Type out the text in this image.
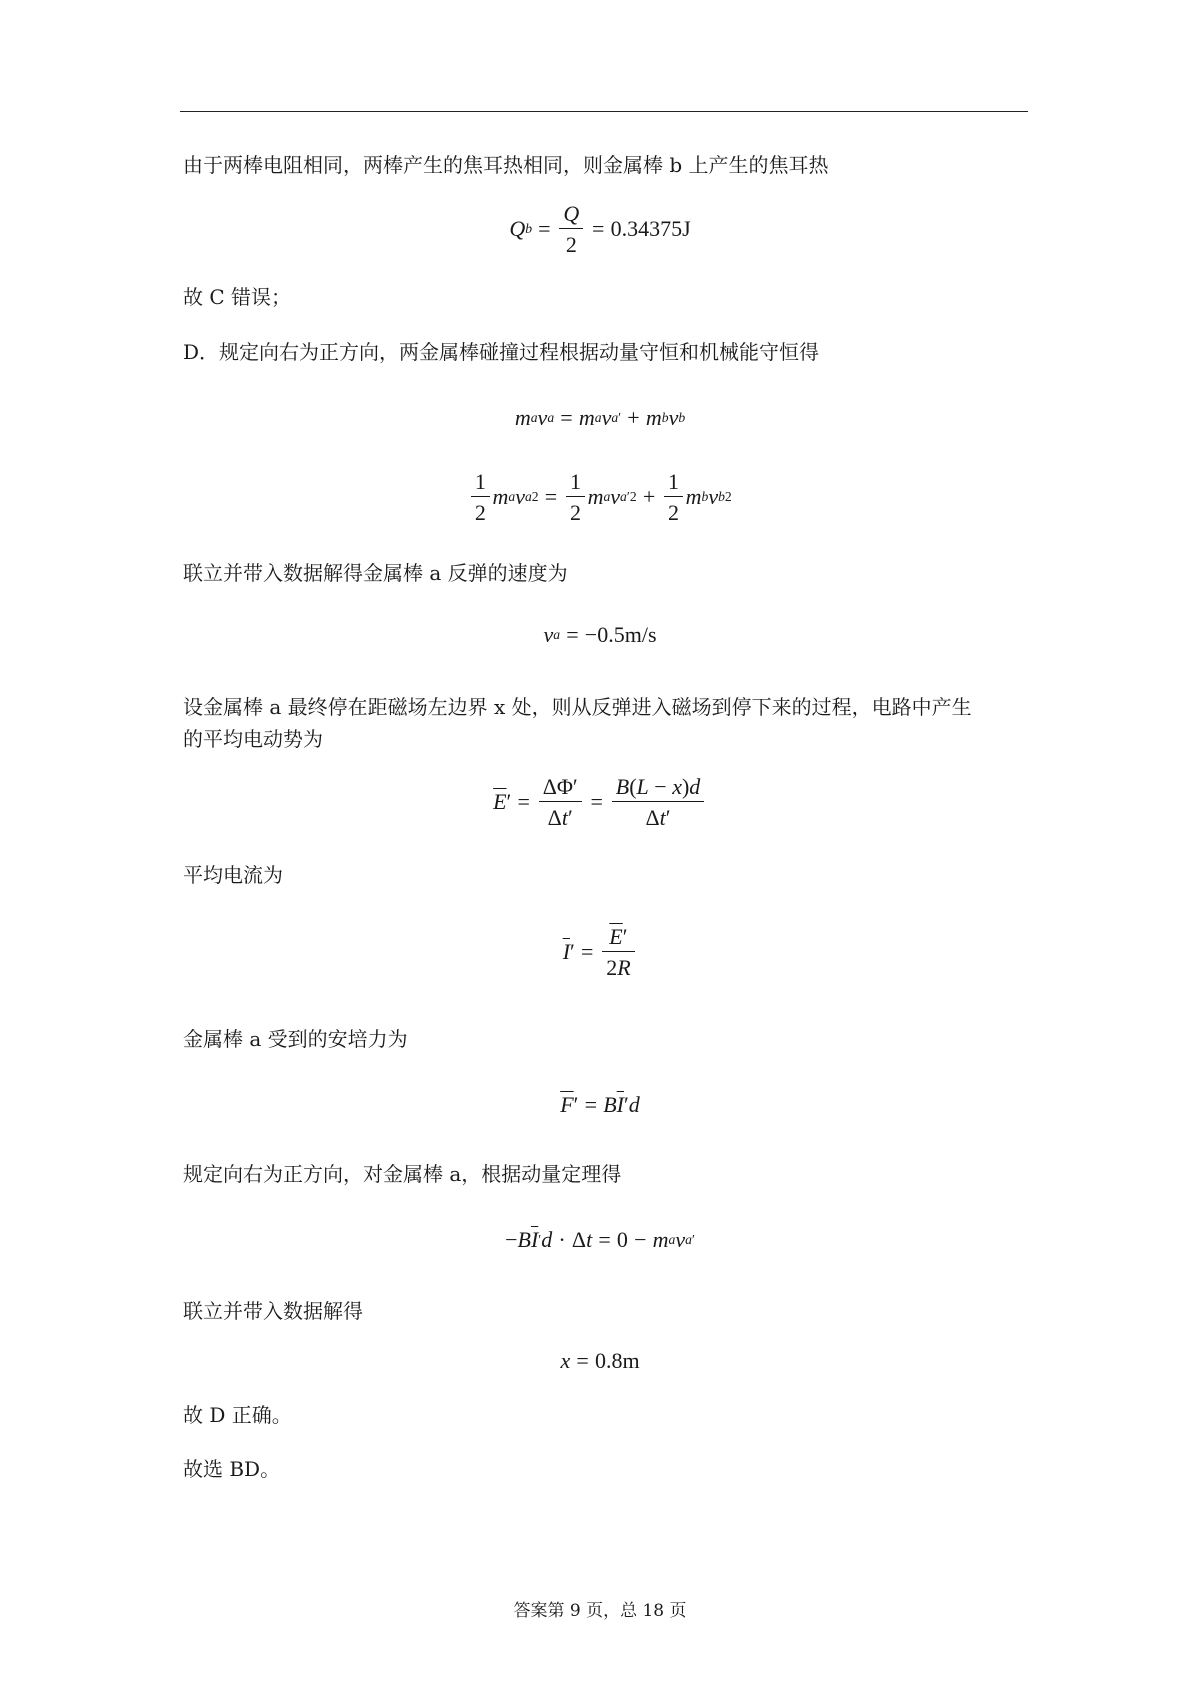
由于两棒电阻相同，两棒产生的焦耳热相同，则金属棒 b 上产生的焦耳热
Q $b = \frac{Q}{2} = 0.34375J$
故 C 错误；
D．规定向右为正方向，两金属棒碰撞过程根据动量守恒和机械能守恒得
m a v a = m a v a ′ + m b v b
$\frac{1}{2}$ m a v a $2 = \frac{1}{2}$ m a v a $'2 + \frac{1}{2}$ m b v b 2
联立并带入数据解得金属棒 a 反弹的速度为
v a = − 0.5m/s
设金属棒 a 最终停在距磁场左边界 x 处，则从反弹进入磁场到停下来的过程，电路中产生
的平均电动势为
$\overline{E}$ ′ = $\frac{\Delta\Phi'}{\Delta t'} = \frac{B(L - x)d}{\Delta t'}$
平均电流为
$\overline{I}$ ′ = $\frac{\overline{E}'}{2R}$
金属棒 a 受到的安培力为
$\overline{F}$ ′ = B $\overline{I}$ ′ d
规定向右为正方向，对金属棒 a，根据动量定理得
− B $\overline{I}$ ′ d · Δ t = 0 − m a v a ′
联立并带入数据解得
x = 0.8m
故 D 正确。
故选 BD。
答案第 9 页，总 18 页
